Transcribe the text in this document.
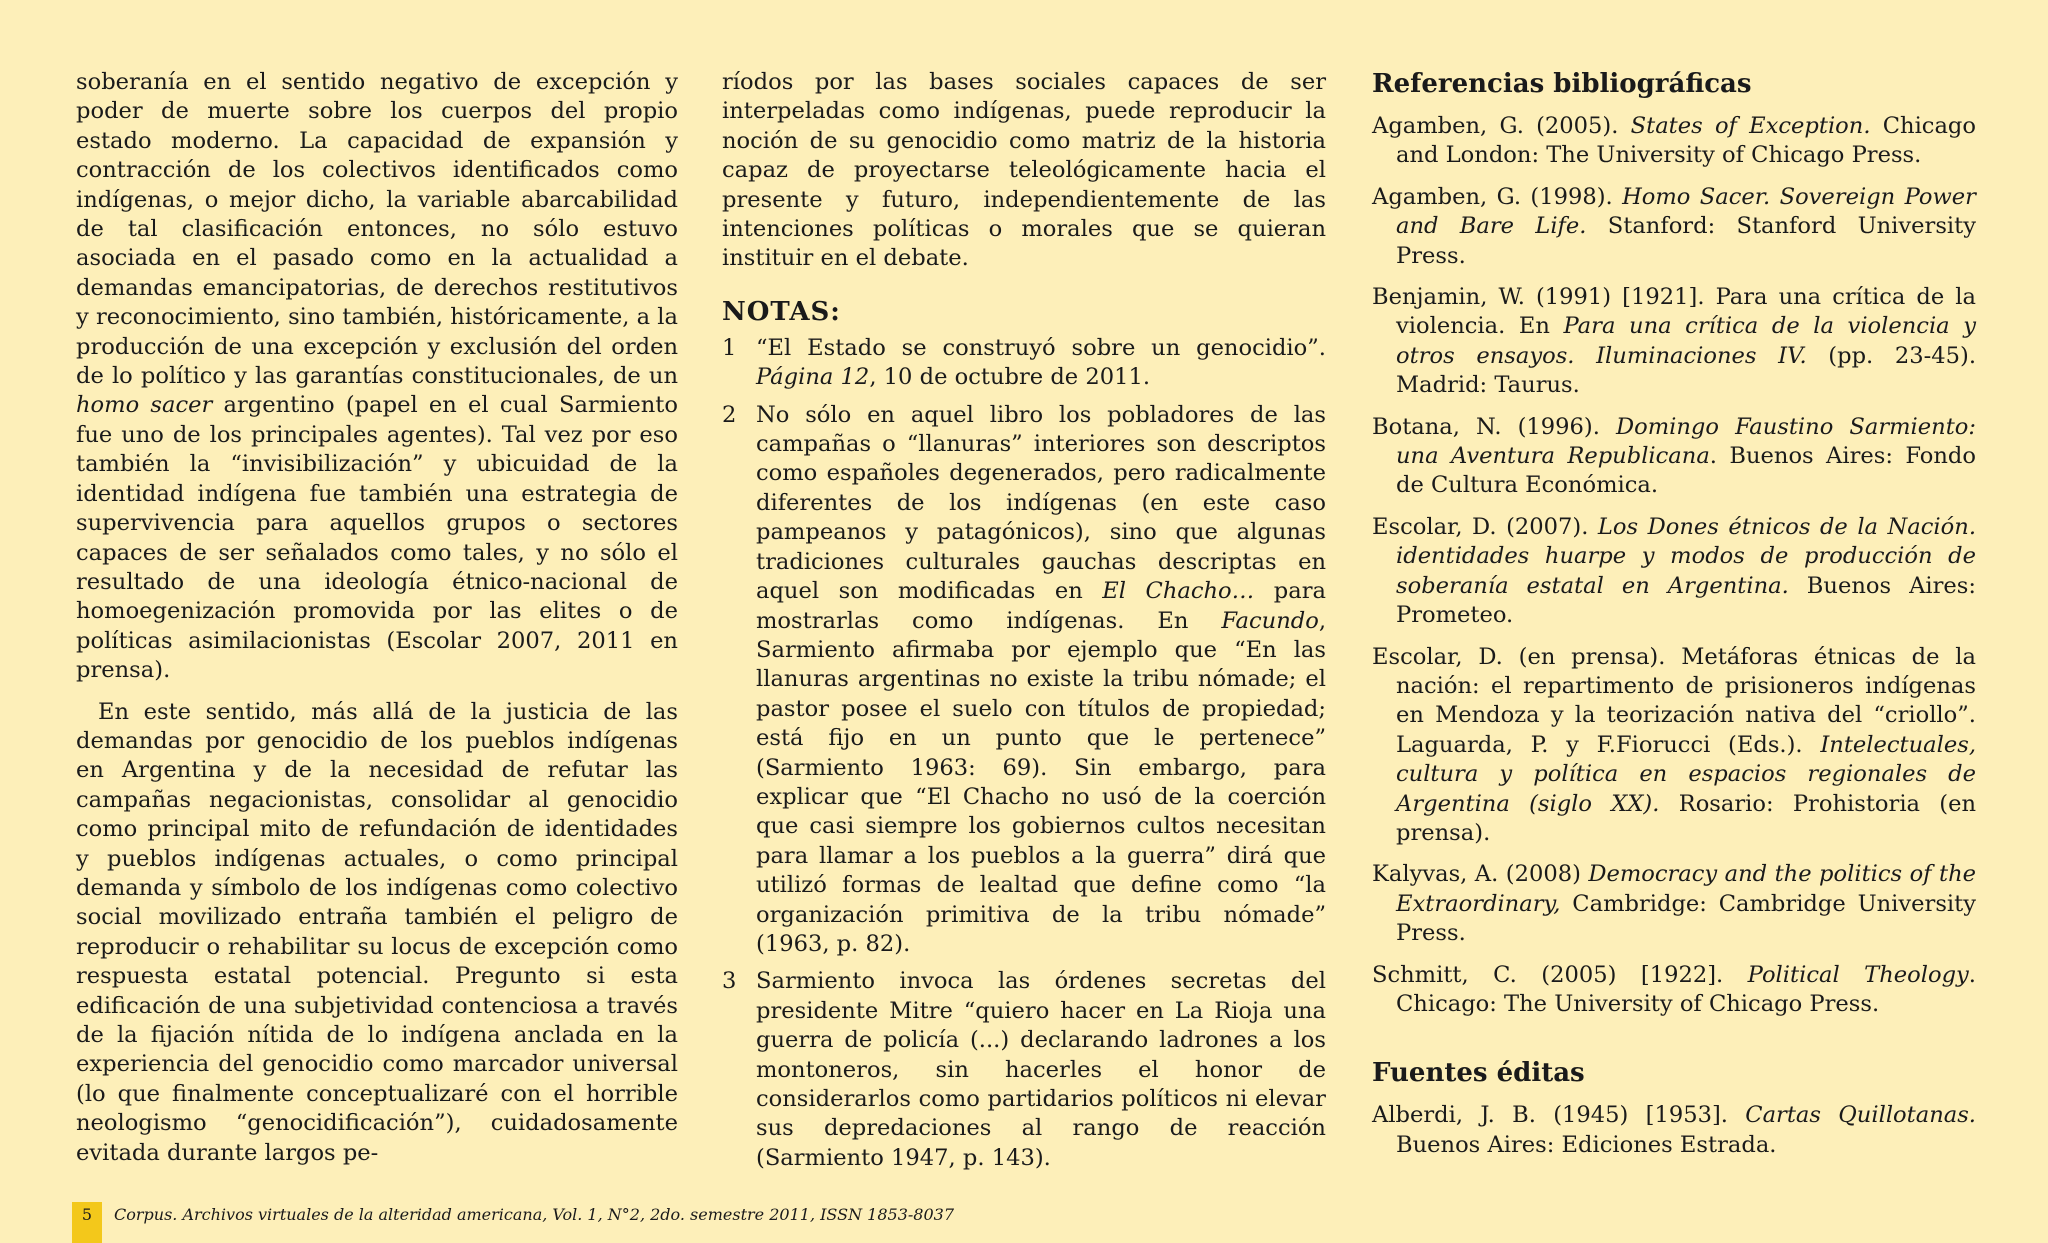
soberanía en el sentido negativo de excepción y poder de muerte sobre los cuerpos del propio estado moderno. La capacidad de expansión y contracción de los colectivos identificados como indígenas, o mejor dicho, la variable abarcabilidad de tal clasificación entonces, no sólo estuvo asociada en el pasado como en la actualidad a demandas emancipatorias, de derechos restitutivos y reconocimiento, sino también, históricamente, a la producción de una excepción y exclusión del orden de lo político y las garantías constitucionales, de un homo sacer argentino (papel en el cual Sarmiento fue uno de los principales agentes). Tal vez por eso también la “invisibilización” y ubicuidad de la identidad indígena fue también una estrategia de supervivencia para aquellos grupos o sectores capaces de ser señalados como tales, y no sólo el resultado de una ideología étnico-nacional de homoegenización promovida por las elites o de políticas asimilacionistas (Escolar 2007, 2011 en prensa).

En este sentido, más allá de la justicia de las demandas por genocidio de los pueblos indígenas en Argentina y de la necesidad de refutar las campañas negacionistas, consolidar al genocidio como principal mito de refundación de identidades y pueblos indígenas actuales, o como principal demanda y símbolo de los indígenas como colectivo social movilizado entraña también el peligro de reproducir o rehabilitar su locus de excepción como respuesta estatal potencial. Pregunto si esta edificación de una subjetividad contenciosa a través de la fijación nítida de lo indígena anclada en la experiencia del genocidio como marcador universal (lo que finalmente conceptualizaré con el horrible neologismo “genocidificación”), cuidadosamente evitada durante largos pe-

ríodos por las bases sociales capaces de ser interpeladas como indígenas, puede reproducir la noción de su genocidio como matriz de la historia capaz de proyectarse teleológicamente hacia el presente y futuro, independientemente de las intenciones políticas o morales que se quieran instituir en el debate.

NOTAS:
1 “El Estado se construyó sobre un genocidio”. Página 12, 10 de octubre de 2011.
2 No sólo en aquel libro los pobladores de las campañas o “llanuras” interiores son descriptos como españoles degenerados, pero radicalmente diferentes de los indígenas (en este caso pampeanos y patagónicos), sino que algunas tradiciones culturales gauchas descriptas en aquel son modificadas en El Chacho… para mostrarlas como indígenas. En Facundo, Sarmiento afirmaba por ejemplo que “En las llanuras argentinas no existe la tribu nómade; el pastor posee el suelo con títulos de propiedad; está fijo en un punto que le pertenece” (Sarmiento 1963: 69). Sin embargo, para explicar que “El Chacho no usó de la coerción que casi siempre los gobiernos cultos necesitan para llamar a los pueblos a la guerra” dirá que utilizó formas de lealtad que define como “la organización primitiva de la tribu nómade” (1963, p. 82).
3 Sarmiento invoca las órdenes secretas del presidente Mitre “quiero hacer en La Rioja una guerra de policía (...) declarando ladrones a los montoneros, sin hacerles el honor de considerarlos como partidarios políticos ni elevar sus depredaciones al rango de reacción (Sarmiento 1947, p. 143).
Referencias bibliográficas

Agamben, G. (2005). States of Exception. Chicago and London: The University of Chicago Press.

Agamben, G. (1998). Homo Sacer. Sovereign Power and Bare Life. Stanford: Stanford University Press.

Benjamin, W. (1991) [1921]. Para una crítica de la violencia. En Para una crítica de la violencia y otros ensayos. Iluminaciones IV. (pp. 23-45). Madrid: Taurus.

Botana, N. (1996). Domingo Faustino Sarmiento: una Aventura Republicana. Buenos Aires: Fondo de Cultura Económica.

Escolar, D. (2007). Los Dones étnicos de la Nación. identidades huarpe y modos de producción de soberanía estatal en Argentina. Buenos Aires: Prometeo.

Escolar, D. (en prensa). Metáforas étnicas de la nación: el repartimento de prisioneros indígenas en Mendoza y la teorización nativa del “criollo”. Laguarda, P. y F.Fiorucci (Eds.). Intelectuales, cultura y política en espacios regionales de Argentina (siglo XX). Rosario: Prohistoria (en prensa).

Kalyvas, A. (2008) Democracy and the politics of the Extraordinary, Cambridge: Cambridge University Press.

Schmitt, C. (2005) [1922]. Political Theology. Chicago: The University of Chicago Press.

Fuentes éditas

Alberdi, J. B. (1945) [1953]. Cartas Quillotanas. Buenos Aires: Ediciones Estrada.

5	Corpus. Archivos virtuales de la alteridad americana, Vol. 1, N°2, 2do. semestre 2011, ISSN 1853-8037
